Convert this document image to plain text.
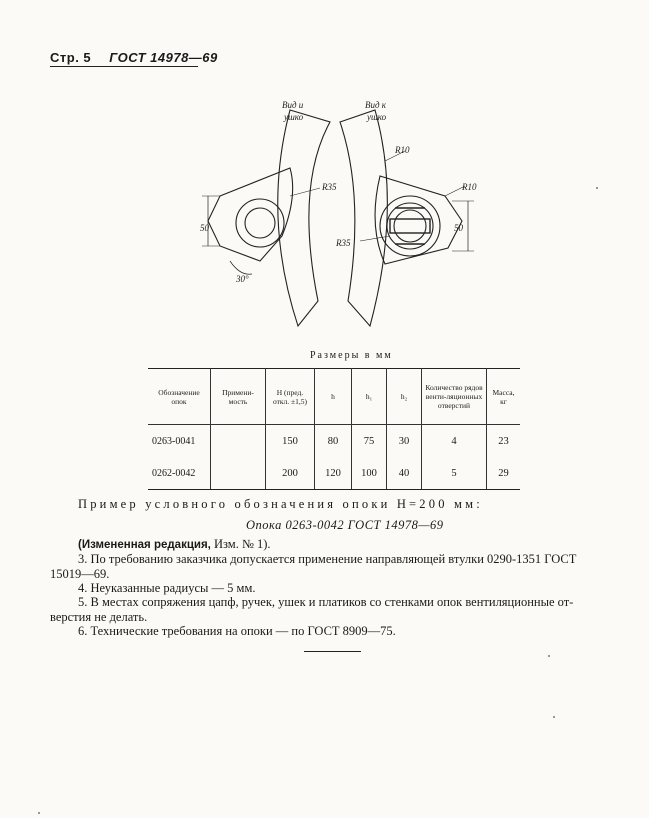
Стр. 5 ГОСТ 14978—69
Вид и
ушко
Вид к
ушко
R35
R35
R10
R10
50	50
30°
Размеры в мм
Обозначение опок	Примени-мость	H (пред. откл. ±1,5)	h	h₁	h₂	Количество рядов венти-ляционных отверстий	Масса, кг
0263-0041		150	80	75	30	4	23
0262-0042		200	120	100	40	5	29
Пример условного обозначения опоки H=200 мм:
Опока 0263-0042 ГОСТ 14978—69
(Измененная редакция, Изм. № 1).
3. По требованию заказчика допускается применение направляющей втулки 0290-1351 ГОСТ
15019—69.
4. Неуказанные радиусы — 5 мм.
5. В местах сопряжения цапф, ручек, ушек и платиков со стенками опок вентиляционные от-
верстия не делать.
6. Технические требования на опоки — по ГОСТ 8909—75.
